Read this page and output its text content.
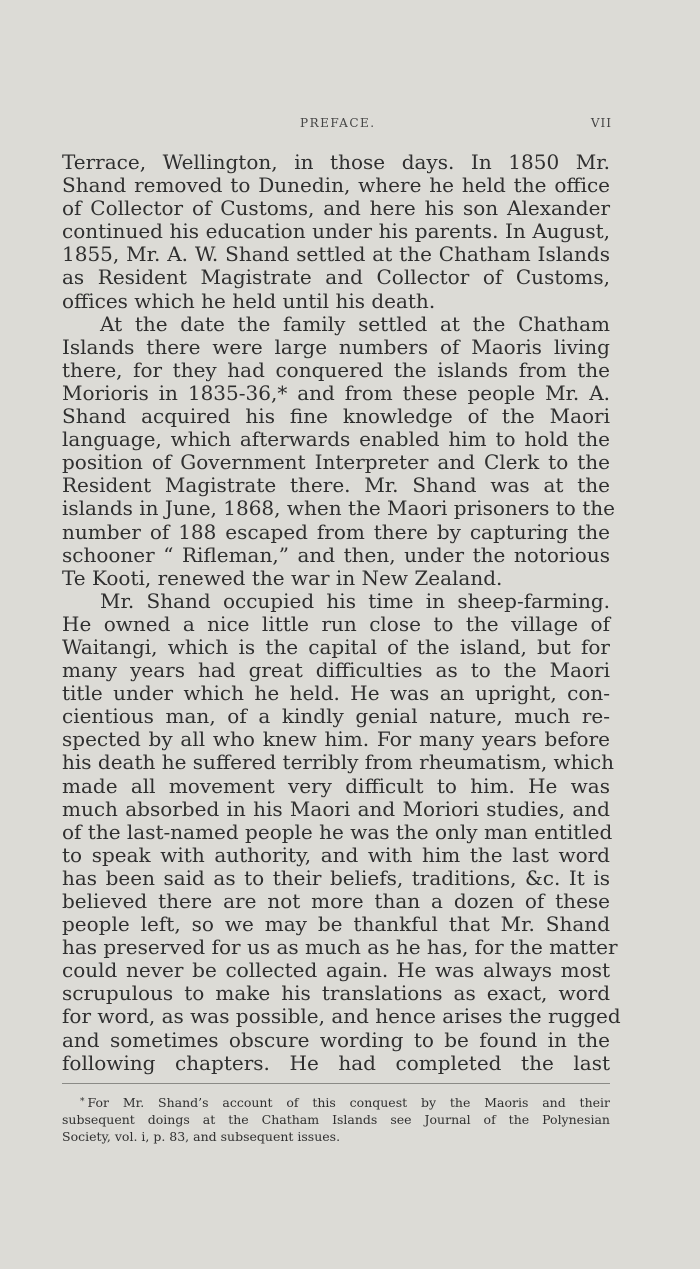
PREFACE.	VII
Terrace, Wellington, in those days. In 1850 Mr.
Shand removed to Dunedin, where he held the office
of Collector of Customs, and here his son Alexander
continued his education under his parents. In August,
1855, Mr. A. W. Shand settled at the Chatham Islands
as Resident Magistrate and Collector of Customs,
offices which he held until his death.
At the date the family settled at the Chatham
Islands there were large numbers of Maoris living
there, for they had conquered the islands from the
Morioris in 1835-36,* and from these people Mr. A.
Shand acquired his fine knowledge of the Maori
language, which afterwards enabled him to hold the
position of Government Interpreter and Clerk to the
Resident Magistrate there. Mr. Shand was at the
islands in June, 1868, when the Maori prisoners to the
number of 188 escaped from there by capturing the
schooner “ Rifleman,” and then, under the notorious
Te Kooti, renewed the war in New Zealand.
Mr. Shand occupied his time in sheep-farming.
He owned a nice little run close to the village of
Waitangi, which is the capital of the island, but for
many years had great difficulties as to the Maori
title under which he held. He was an upright, con-
cientious man, of a kindly genial nature, much re-
spected by all who knew him. For many years before
his death he suffered terribly from rheumatism, which
made all movement very difficult to him. He was
much absorbed in his Maori and Moriori studies, and
of the last-named people he was the only man entitled
to speak with authority, and with him the last word
has been said as to their beliefs, traditions, &c. It is
believed there are not more than a dozen of these
people left, so we may be thankful that Mr. Shand
has preserved for us as much as he has, for the matter
could never be collected again. He was always most
scrupulous to make his translations as exact, word
for word, as was possible, and hence arises the rugged
and sometimes obscure wording to be found in the
following chapters. He had completed the last
* For Mr. Shand’s account of this conquest by the Maoris and their
subsequent doings at the Chatham Islands see Journal of the Polynesian
Society, vol. i, p. 83, and subsequent issues.
